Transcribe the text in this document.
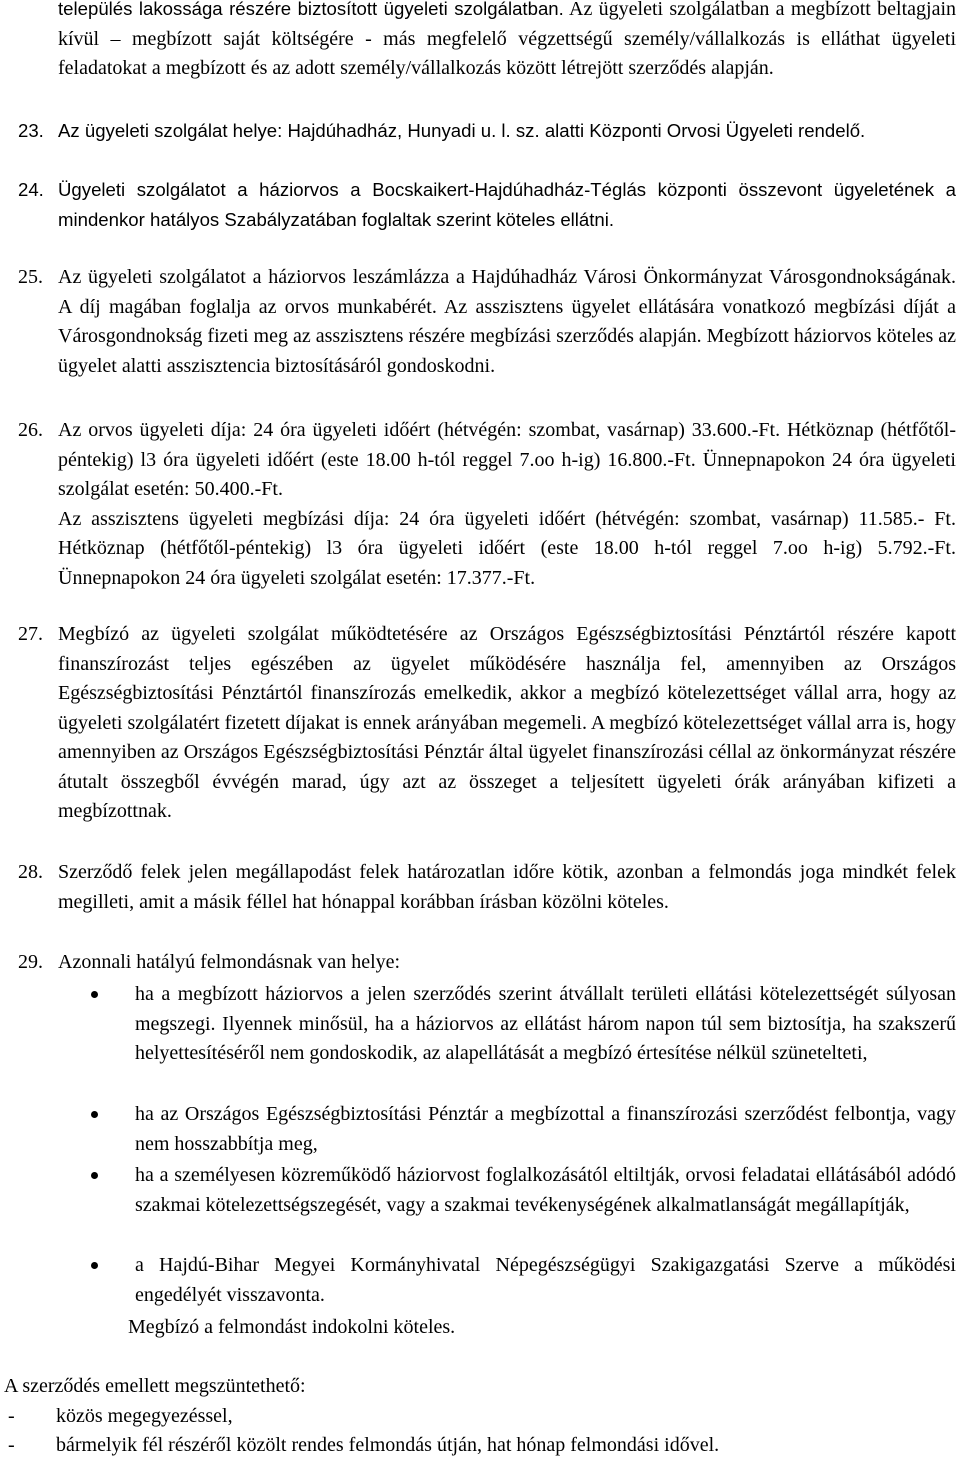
település lakossága részére biztosított ügyeleti szolgálatban. Az ügyeleti szolgálatban a megbízott beltagjain kívül – megbízott saját költségére - más megfelelő végzettségű személy/vállalkozás is elláthat ügyeleti feladatokat a megbízott és az adott személy/vállalkozás között létrejött szerződés alapján.
23. Az ügyeleti szolgálat helye: Hajdúhadház, Hunyadi u. l. sz. alatti Központi Orvosi Ügyeleti rendelő.
24. Ügyeleti szolgálatot a háziorvos a Bocskaikert-Hajdúhadház-Téglás központi összevont ügyeletének a mindenkor hatályos Szabályzatában foglaltak szerint köteles ellátni.
25. Az ügyeleti szolgálatot a háziorvos leszámlázza a Hajdúhadház Városi Önkormányzat Városgondnokságának. A díj magában foglalja az orvos munkabérét. Az asszisztens ügyelet ellátására vonatkozó megbízási díját a Városgondnokság fizeti meg az asszisztens részére megbízási szerződés alapján. Megbízott háziorvos köteles az ügyelet alatti asszisztencia biztosításáról gondoskodni.
26. Az orvos ügyeleti díja: 24 óra ügyeleti időért (hétvégén: szombat, vasárnap) 33.600.-Ft. Hétköznap (hétfőtől-péntekig) l3 óra ügyeleti időért (este 18.00 h-tól reggel 7.oo h-ig) 16.800.-Ft. Ünnepnapokon 24 óra ügyeleti szolgálat esetén: 50.400.-Ft.
Az asszisztens ügyeleti megbízási díja: 24 óra ügyeleti időért (hétvégén: szombat, vasárnap) 11.585.- Ft. Hétköznap (hétfőtől-péntekig) l3 óra ügyeleti időért (este 18.00 h-tól reggel 7.oo h-ig) 5.792.-Ft. Ünnepnapokon 24 óra ügyeleti szolgálat esetén: 17.377.-Ft.
27. Megbízó az ügyeleti szolgálat működtetésére az Országos Egészségbiztosítási Pénztártól részére kapott finanszírozást teljes egészében az ügyelet működésére használja fel, amennyiben az Országos Egészségbiztosítási Pénztártól finanszírozás emelkedik, akkor a megbízó kötelezettséget vállal arra, hogy az ügyeleti szolgálatért fizetett díjakat is ennek arányában megemeli. A megbízó kötelezettséget vállal arra is, hogy amennyiben az Országos Egészségbiztosítási Pénztár által ügyelet finanszírozási céllal az önkormányzat részére átutalt összegből évvégén marad, úgy azt az összeget a teljesített ügyeleti órák arányában kifizeti a megbízottnak.
28. Szerződő felek jelen megállapodást felek határozatlan időre kötik, azonban a felmondás joga mindkét felek megilleti, amit a másik féllel hat hónappal korábban írásban közölni köteles.
29. Azonnali hatályú felmondásnak van helye:
ha a megbízott háziorvos a jelen szerződés szerint átvállalt területi ellátási kötelezettségét súlyosan megszegi. Ilyennek minősül, ha a háziorvos az ellátást három napon túl sem biztosítja, ha szakszerű helyettesítéséről nem gondoskodik, az alapellátását a megbízó értesítése nélkül szünetelteti,
ha az Országos Egészségbiztosítási Pénztár a megbízottal a finanszírozási szerződést felbontja, vagy nem hosszabbítja meg,
ha a személyesen közreműködő háziorvost foglalkozásától eltiltják, orvosi feladatai ellátásából adódó szakmai kötelezettségszegését, vagy a szakmai tevékenységének alkalmatlanságát megállapítják,
a Hajdú-Bihar Megyei Kormányhivatal Népegészségügyi Szakigazgatási Szerve a működési engedélyét visszavonta.
Megbízó a felmondást indokolni köteles.
A szerződés emellett megszüntethető:
- közös megegyezéssel,
- bármelyik fél részéről közölt rendes felmondás útján, hat hónap felmondási idővel.
